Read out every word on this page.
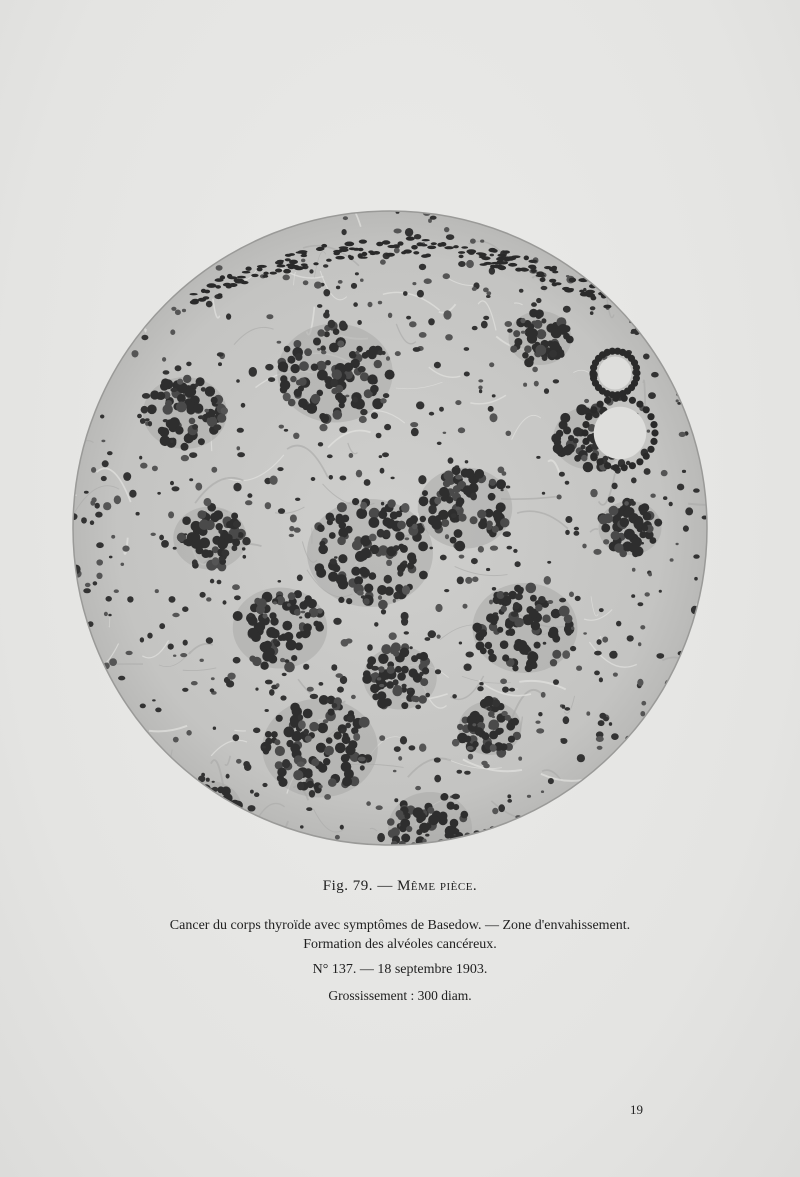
Fig. 79. — Même pièce.
Cancer du corps thyroïde avec symptômes de Basedow. — Zone d'envahissement.
Formation des alvéoles cancéreux.
N° 137. — 18 septembre 1903.
Grossissement : 300 diam.
19
